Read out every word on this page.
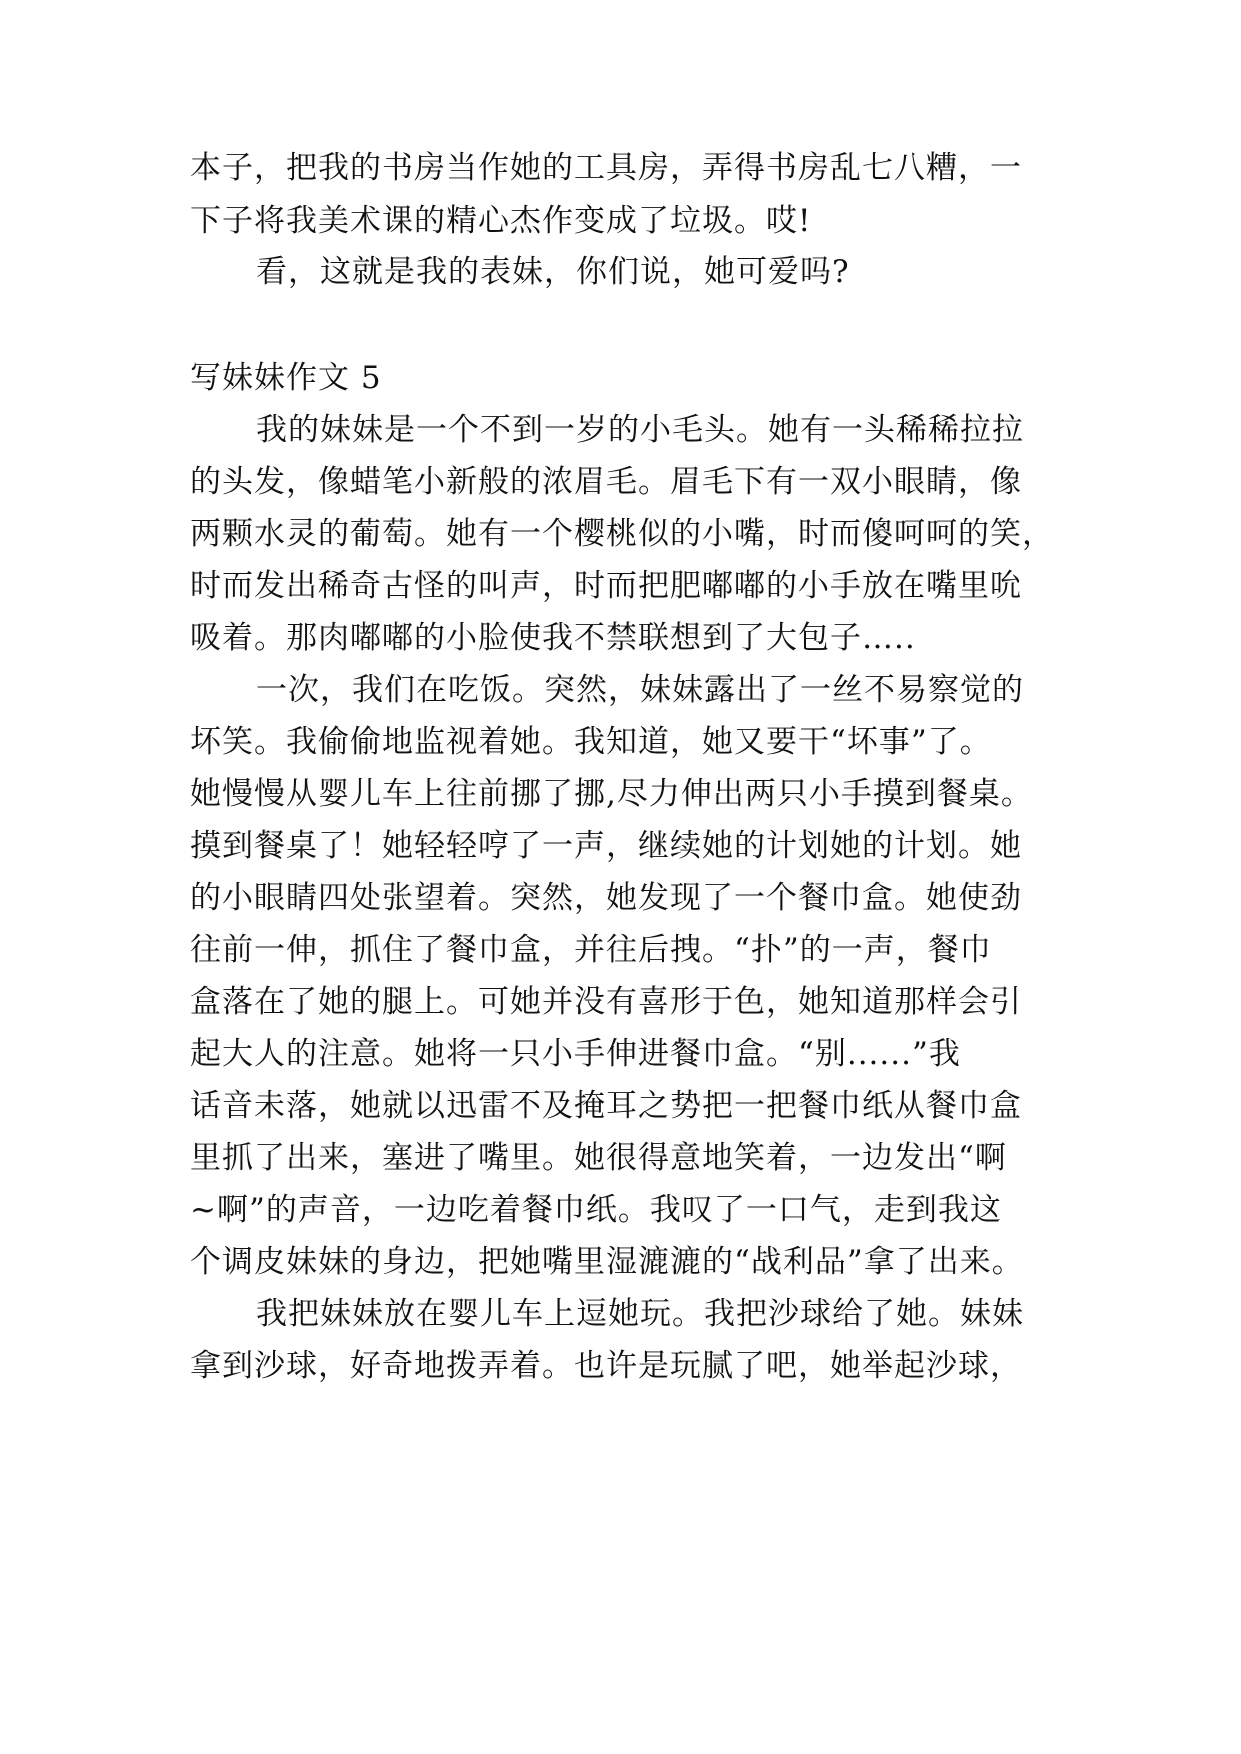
本子，把我的书房当作她的工具房，弄得书房乱七八糟，一
下子将我美术课的精心杰作变成了垃圾。哎!
看，这就是我的表妹，你们说，她可爱吗?
写妹妹作文 5
我的妹妹是一个不到一岁的小毛头。她有一头稀稀拉拉
的头发，像蜡笔小新般的浓眉毛。眉毛下有一双小眼睛，像
两颗水灵的葡萄。她有一个樱桃似的小嘴，时而傻呵呵的笑，
时而发出稀奇古怪的叫声，时而把肥嘟嘟的小手放在嘴里吮
吸着。那肉嘟嘟的小脸使我不禁联想到了大包子…..
一次，我们在吃饭。突然，妹妹露出了一丝不易察觉的
坏笑。我偷偷地监视着她。我知道，她又要干“坏事”了。
她慢慢从婴儿车上往前挪了挪,尽力伸出两只小手摸到餐桌。
摸到餐桌了！她轻轻哼了一声，继续她的计划她的计划。她
的小眼睛四处张望着。突然，她发现了一个餐巾盒。她使劲
往前一伸，抓住了餐巾盒，并往后拽。“扑”的一声，餐巾
盒落在了她的腿上。可她并没有喜形于色，她知道那样会引
起大人的注意。她将一只小手伸进餐巾盒。“别......”我
话音未落，她就以迅雷不及掩耳之势把一把餐巾纸从餐巾盒
里抓了出来，塞进了嘴里。她很得意地笑着，一边发出“啊
~啊”的声音，一边吃着餐巾纸。我叹了一口气，走到我这
个调皮妹妹的身边，把她嘴里湿漉漉的“战利品”拿了出来。
我把妹妹放在婴儿车上逗她玩。我把沙球给了她。妹妹
拿到沙球，好奇地拨弄着。也许是玩腻了吧，她举起沙球，
